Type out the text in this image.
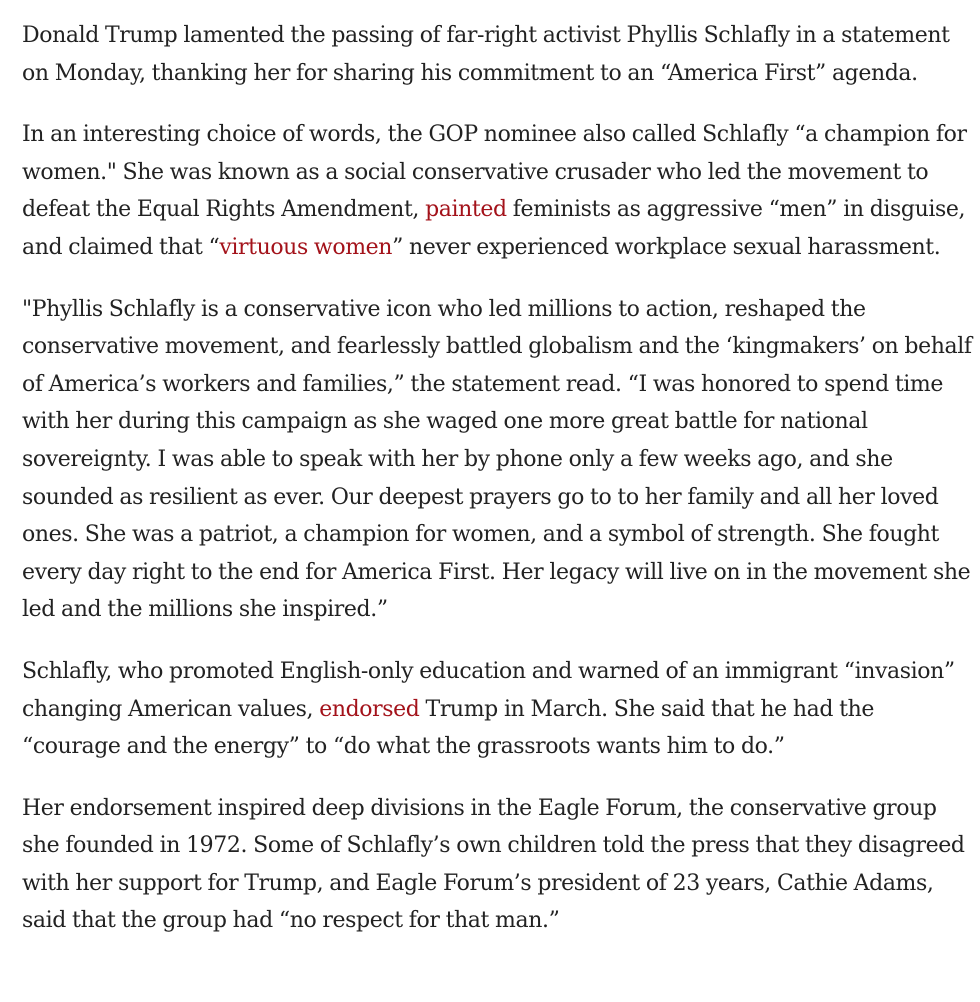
Donald Trump lamented the passing of far-right activist Phyllis Schlafly in a statement on Monday, thanking her for sharing his commitment to an “America First” agenda.

In an interesting choice of words, the GOP nominee also called Schlafly “a champion for women." She was known as a social conservative crusader who led the movement to defeat the Equal Rights Amendment, painted feminists as aggressive “men” in disguise, and claimed that “virtuous women” never experienced workplace sexual harassment.

"Phyllis Schlafly is a conservative icon who led millions to action, reshaped the conservative movement, and fearlessly battled globalism and the ‘kingmakers’ on behalf of America’s workers and families,” the statement read. “I was honored to spend time with her during this campaign as she waged one more great battle for national sovereignty. I was able to speak with her by phone only a few weeks ago, and she sounded as resilient as ever. Our deepest prayers go to to her family and all her loved ones. She was a patriot, a champion for women, and a symbol of strength. She fought every day right to the end for America First. Her legacy will live on in the movement she led and the millions she inspired.”

Schlafly, who promoted English-only education and warned of an immigrant “invasion” changing American values, endorsed Trump in March. She said that he had the “courage and the energy” to “do what the grassroots wants him to do.”

Her endorsement inspired deep divisions in the Eagle Forum, the conservative group she founded in 1972. Some of Schlafly’s own children told the press that they disagreed with her support for Trump, and Eagle Forum’s president of 23 years, Cathie Adams, said that the group had “no respect for that man.”
